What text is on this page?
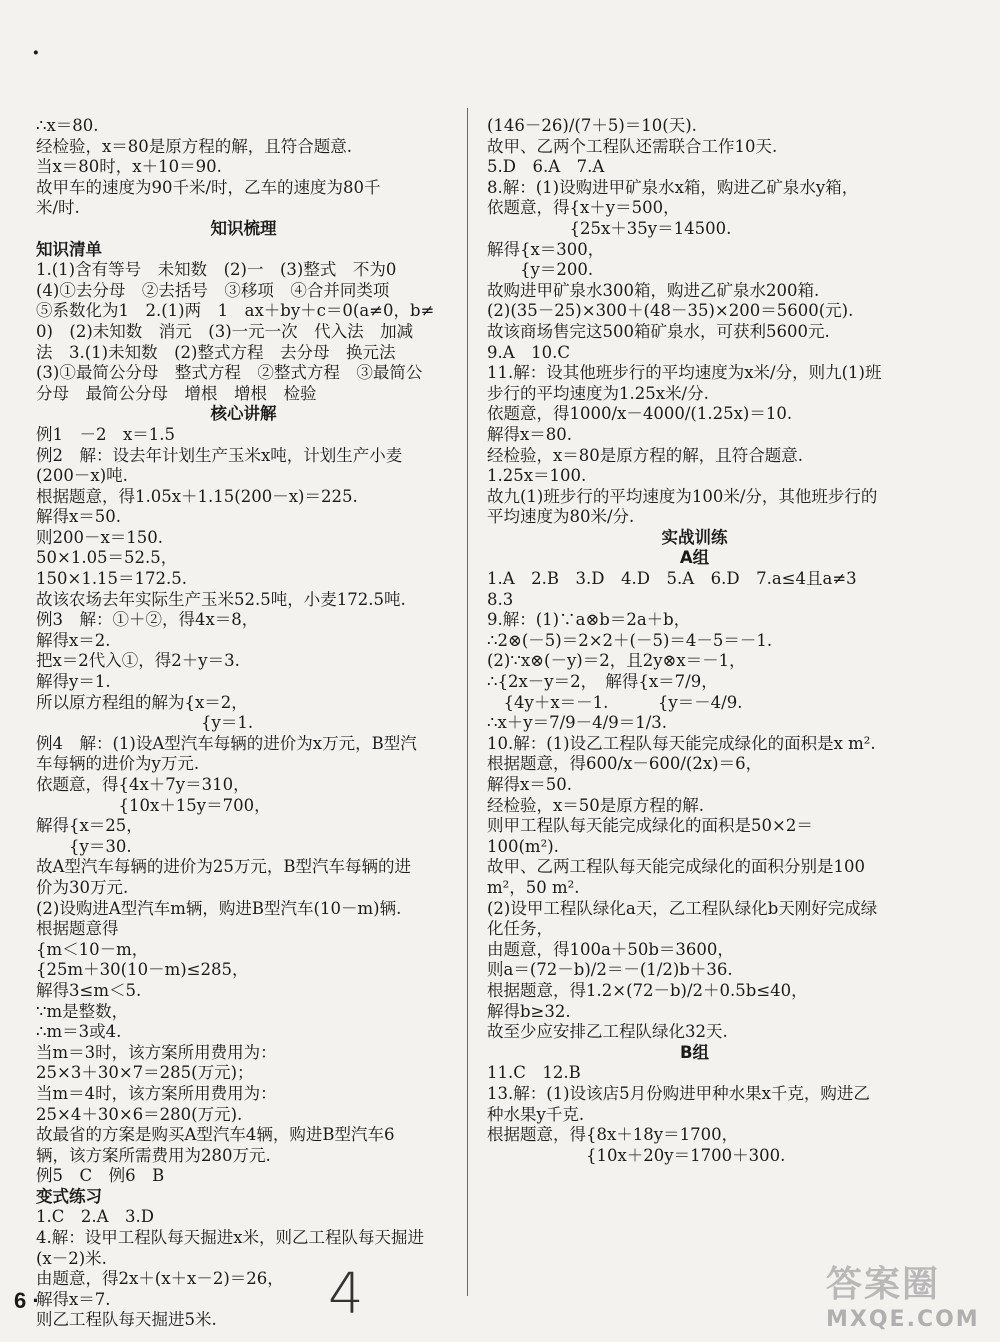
·
∴x＝80.
经检验，x＝80是原方程的解，且符合题意.
当x＝80时，x＋10＝90.
故甲车的速度为90千米/时，乙车的速度为80千
米/时.
知识梳理
知识清单
1.(1)含有等号　未知数　(2)一　(3)整式　不为0
(4)①去分母　②去括号　③移项　④合并同类项
⑤系数化为1　2.(1)两　1　ax＋by＋c＝0(a≠0，b≠
0)　(2)未知数　消元　(3)一元一次　代入法　加减
法　3.(1)未知数　(2)整式方程　去分母　换元法
(3)①最简公分母　整式方程　②整式方程　③最简公
分母　最简公分母　增根　增根　检验
核心讲解
例1　－2　x＝1.5
例2　解：设去年计划生产玉米x吨，计划生产小麦
(200－x)吨.
根据题意，得1.05x＋1.15(200－x)＝225.
解得x＝50.
则200－x＝150.
50×1.05＝52.5，
150×1.15＝172.5.
故该农场去年实际生产玉米52.5吨，小麦172.5吨.
例3　解：①＋②，得4x＝8，
解得x＝2.
把x＝2代入①，得2＋y＝3.
解得y＝1.
所以原方程组的解为{x＝2，
　　　　　　　　　　{y＝1.
例4　解：(1)设A型汽车每辆的进价为x万元，B型汽
车每辆的进价为y万元.
依题意，得{4x＋7y＝310，
　　　　　{10x＋15y＝700，
解得{x＝25，
　　{y＝30.
故A型汽车每辆的进价为25万元，B型汽车每辆的进
价为30万元.
(2)设购进A型汽车m辆，购进B型汽车(10－m)辆.
根据题意得
{m＜10－m，
{25m＋30(10－m)≤285，
解得3≤m＜5.
∵m是整数，
∴m＝3或4.
当m＝3时，该方案所用费用为：
25×3＋30×7＝285(万元)；
当m＝4时，该方案所用费用为：
25×4＋30×6＝280(万元).
故最省的方案是购买A型汽车4辆，购进B型汽车6
辆，该方案所需费用为280万元.
例5　C　例6　B
变式练习
1.C　2.A　3.D
4.解：设甲工程队每天掘进x米，则乙工程队每天掘进
(x－2)米.
由题意，得2x＋(x＋x－2)＝26，
解得x＝7.
则乙工程队每天掘进5米.
(146－26)/(7＋5)＝10(天).
故甲、乙两个工程队还需联合工作10天.
5.D　6.A　7.A
8.解：(1)设购进甲矿泉水x箱，购进乙矿泉水y箱，
依题意，得{x＋y＝500，
　　　　　{25x＋35y＝14500.
解得{x＝300，
　　{y＝200.
故购进甲矿泉水300箱，购进乙矿泉水200箱.
(2)(35－25)×300＋(48－35)×200＝5600(元).
故该商场售完这500箱矿泉水，可获利5600元.
9.A　10.C
11.解：设其他班步行的平均速度为x米/分，则九(1)班
步行的平均速度为1.25x米/分.
依题意，得1000/x－4000/(1.25x)＝10.
解得x＝80.
经检验，x＝80是原方程的解，且符合题意.
1.25x＝100.
故九(1)班步行的平均速度为100米/分，其他班步行的
平均速度为80米/分.
实战训练
A组
1.A　2.B　3.D　4.D　5.A　6.D　7.a≤4且a≠3
8.3
9.解：(1)∵a⊗b＝2a＋b，
∴2⊗(－5)＝2×2＋(－5)＝4－5＝－1.
(2)∵x⊗(－y)＝2，且2y⊗x＝－1，
∴{2x－y＝2，　解得{x＝7/9，
　{4y＋x＝－1.　　　{y＝－4/9.
∴x＋y＝7/9－4/9＝1/3.
10.解：(1)设乙工程队每天能完成绿化的面积是x m².
根据题意，得600/x－600/(2x)＝6，
解得x＝50.
经检验，x＝50是原方程的解.
则甲工程队每天能完成绿化的面积是50×2＝
100(m²).
故甲、乙两工程队每天能完成绿化的面积分别是100
m²，50 m².
(2)设甲工程队绿化a天，乙工程队绿化b天刚好完成绿
化任务，
由题意，得100a＋50b＝3600，
则a＝(72－b)/2＝－(1/2)b＋36.
根据题意，得1.2×(72－b)/2＋0.5b≤40，
解得b≥32.
故至少应安排乙工程队绿化32天.
B组
11.C　12.B
13.解：(1)设该店5月份购进甲种水果x千克，购进乙
种水果y千克.
根据题意，得{8x＋18y＝1700，
　　　　　　{10x＋20y＝1700＋300.
6 ·	4	答案圈
MXQE.COM
